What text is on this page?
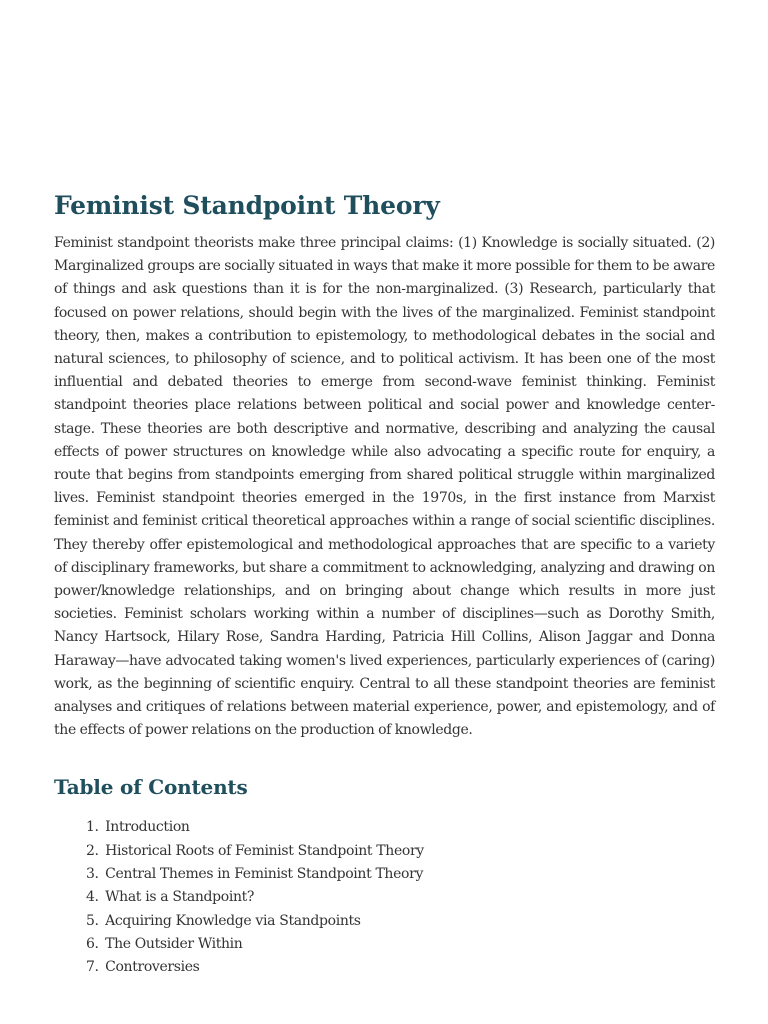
Feminist Standpoint Theory

Feminist standpoint theorists make three principal claims: (1) Knowledge is socially situated. (2) Marginalized groups are socially situated in ways that make it more possible for them to be aware of things and ask questions than it is for the non-marginalized. (3) Research, particularly that focused on power relations, should begin with the lives of the marginalized. Feminist standpoint theory, then, makes a contribution to epistemology, to methodological debates in the social and natural sciences, to philosophy of science, and to political activism. It has been one of the most influential and debated theories to emerge from second-wave feminist thinking. Feminist standpoint theories place relations between political and social power and knowledge center-stage. These theories are both descriptive and normative, describing and analyzing the causal effects of power structures on knowledge while also advocating a specific route for enquiry, a route that begins from standpoints emerging from shared political struggle within marginalized lives. Feminist standpoint theories emerged in the 1970s, in the first instance from Marxist feminist and feminist critical theoretical approaches within a range of social scientific disciplines. They thereby offer epistemological and methodological approaches that are specific to a variety of disciplinary frameworks, but share a commitment to acknowledging, analyzing and drawing on power/knowledge relationships, and on bringing about change which results in more just societies. Feminist scholars working within a number of disciplines—such as Dorothy Smith, Nancy Hartsock, Hilary Rose, Sandra Harding, Patricia Hill Collins, Alison Jaggar and Donna Haraway—have advocated taking women's lived experiences, particularly experiences of (caring) work, as the beginning of scientific enquiry. Central to all these standpoint theories are feminist analyses and critiques of relations between material experience, power, and epistemology, and of the effects of power relations on the production of knowledge.

Table of Contents
1. Introduction
2. Historical Roots of Feminist Standpoint Theory
3. Central Themes in Feminist Standpoint Theory
4. What is a Standpoint?
5. Acquiring Knowledge via Standpoints
6. The Outsider Within
7. Controversies
